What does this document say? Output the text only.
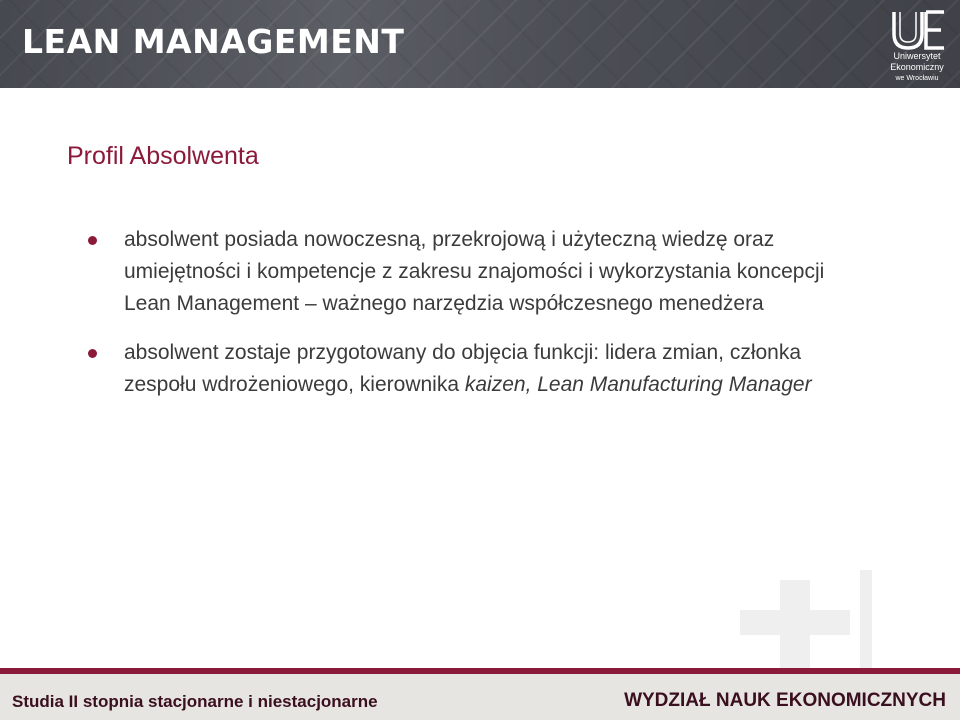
LEAN MANAGEMENT	Uniwersytet
Ekonomiczny
we Wrocławiu
Profil Absolwenta
absolwent posiada nowoczesną, przekrojową i użyteczną wiedzę oraz umiejętności i kompetencje z zakresu znajomości i wykorzystania koncepcji Lean Management – ważnego narzędzia współczesnego menedżera
absolwent zostaje przygotowany do objęcia funkcji: lidera zmian, członka zespołu wdrożeniowego, kierownika kaizen, Lean Manufacturing Manager
Studia II stopnia stacjonarne i niestacjonarne	WYDZIAŁ NAUK EKONOMICZNYCH
